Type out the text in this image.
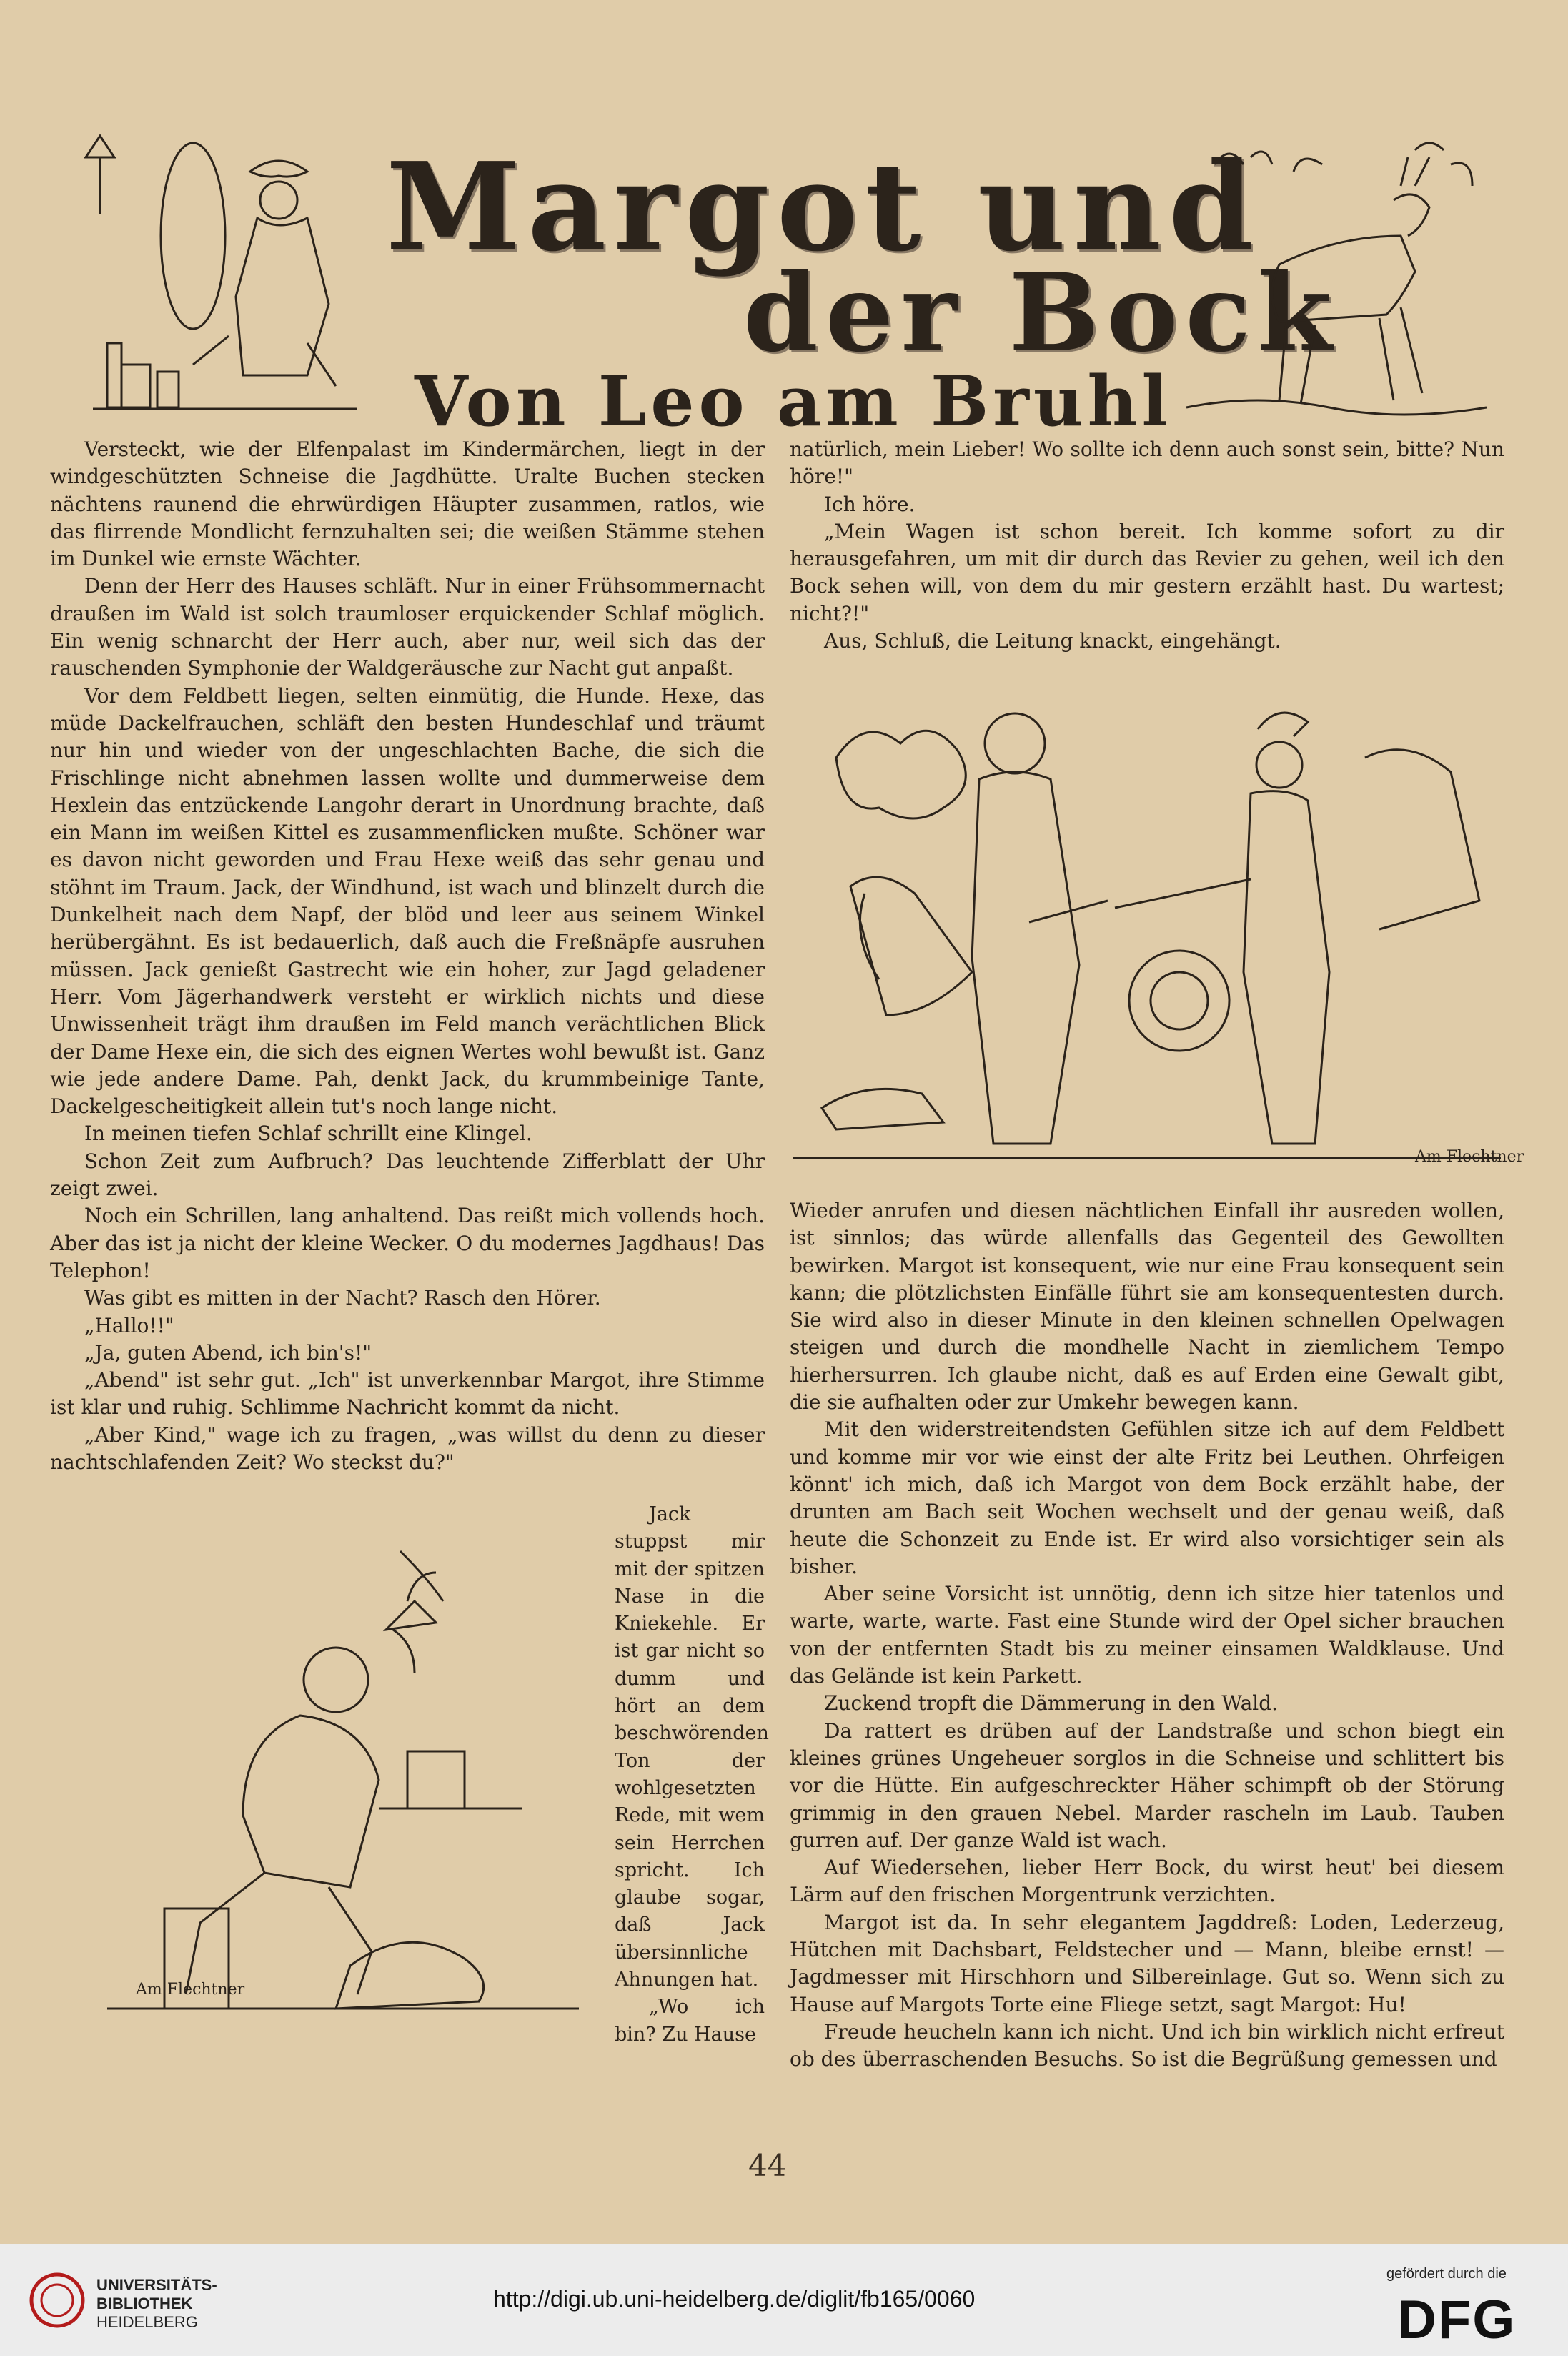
Margot und
der Bock
Von Leo am Bruhl

Versteckt, wie der Elfenpalast im Kindermärchen, liegt in der windgeschützten Schneise die Jagdhütte. Uralte Buchen stecken nächtens raunend die ehrwürdigen Häupter zusammen, ratlos, wie das flirrende Mondlicht fernzuhalten sei; die weißen Stämme stehen im Dunkel wie ernste Wächter.

Denn der Herr des Hauses schläft. Nur in einer Frühsommernacht draußen im Wald ist solch traumloser erquickender Schlaf möglich. Ein wenig schnarcht der Herr auch, aber nur, weil sich das der rauschenden Symphonie der Waldgeräusche zur Nacht gut anpaßt.

Vor dem Feldbett liegen, selten einmütig, die Hunde. Hexe, das müde Dackelfrauchen, schläft den besten Hundeschlaf und träumt nur hin und wieder von der ungeschlachten Bache, die sich die Frischlinge nicht abnehmen lassen wollte und dummerweise dem Hexlein das entzückende Langohr derart in Unordnung brachte, daß ein Mann im weißen Kittel es zusammenflicken mußte. Schöner war es davon nicht geworden und Frau Hexe weiß das sehr genau und stöhnt im Traum. Jack, der Windhund, ist wach und blinzelt durch die Dunkelheit nach dem Napf, der blöd und leer aus seinem Winkel herübergähnt. Es ist bedauerlich, daß auch die Freßnäpfe ausruhen müssen. Jack genießt Gastrecht wie ein hoher, zur Jagd geladener Herr. Vom Jägerhandwerk versteht er wirklich nichts und diese Unwissenheit trägt ihm draußen im Feld manch verächtlichen Blick der Dame Hexe ein, die sich des eignen Wertes wohl bewußt ist. Ganz wie jede andere Dame. Pah, denkt Jack, du krummbeinige Tante, Dackelgescheitigkeit allein tut's noch lange nicht.

In meinen tiefen Schlaf schrillt eine Klingel.

Schon Zeit zum Aufbruch? Das leuchtende Zifferblatt der Uhr zeigt zwei.

Noch ein Schrillen, lang anhaltend. Das reißt mich vollends hoch. Aber das ist ja nicht der kleine Wecker. O du modernes Jagdhaus! Das Telephon!

Was gibt es mitten in der Nacht? Rasch den Hörer.

„Hallo!!"

„Ja, guten Abend, ich bin's!"

„Abend" ist sehr gut. „Ich" ist unverkennbar Margot, ihre Stimme ist klar und ruhig. Schlimme Nachricht kommt da nicht.

„Aber Kind," wage ich zu fragen, „was willst du denn zu dieser nachtschlafenden Zeit? Wo steckst du?"

Am Flechtner

Jack stuppst mir mit der spitzen Nase in die Kniekehle. Er ist gar nicht so dumm und hört an dem beschwörenden Ton der wohlgesetzten Rede, mit wem sein Herrchen spricht. Ich glaube sogar, daß Jack übersinnliche Ahnungen hat.

„Wo ich bin? Zu Hause

natürlich, mein Lieber! Wo sollte ich denn auch sonst sein, bitte? Nun höre!"

Ich höre.

„Mein Wagen ist schon bereit. Ich komme sofort zu dir herausgefahren, um mit dir durch das Revier zu gehen, weil ich den Bock sehen will, von dem du mir gestern erzählt hast. Du wartest; nicht?!"

Aus, Schluß, die Leitung knackt, eingehängt.

Am Flechtner

Wieder anrufen und diesen nächtlichen Einfall ihr ausreden wollen, ist sinnlos; das würde allenfalls das Gegenteil des Gewollten bewirken. Margot ist konsequent, wie nur eine Frau konsequent sein kann; die plötzlichsten Einfälle führt sie am konsequentesten durch. Sie wird also in dieser Minute in den kleinen schnellen Opelwagen steigen und durch die mondhelle Nacht in ziemlichem Tempo hierhersurren. Ich glaube nicht, daß es auf Erden eine Gewalt gibt, die sie aufhalten oder zur Umkehr bewegen kann.

Mit den widerstreitendsten Gefühlen sitze ich auf dem Feldbett und komme mir vor wie einst der alte Fritz bei Leuthen. Ohrfeigen könnt' ich mich, daß ich Margot von dem Bock erzählt habe, der drunten am Bach seit Wochen wechselt und der genau weiß, daß heute die Schonzeit zu Ende ist. Er wird also vorsichtiger sein als bisher.

Aber seine Vorsicht ist unnötig, denn ich sitze hier tatenlos und warte, warte, warte. Fast eine Stunde wird der Opel sicher brauchen von der entfernten Stadt bis zu meiner einsamen Waldklause. Und das Gelände ist kein Parkett.

Zuckend tropft die Dämmerung in den Wald.

Da rattert es drüben auf der Landstraße und schon biegt ein kleines grünes Ungeheuer sorglos in die Schneise und schlittert bis vor die Hütte. Ein aufgeschreckter Häher schimpft ob der Störung grimmig in den grauen Nebel. Marder rascheln im Laub. Tauben gurren auf. Der ganze Wald ist wach.

Auf Wiedersehen, lieber Herr Bock, du wirst heut' bei diesem Lärm auf den frischen Morgentrunk verzichten.

Margot ist da. In sehr elegantem Jagddreß: Loden, Lederzeug, Hütchen mit Dachsbart, Feldstecher und — Mann, bleibe ernst! — Jagdmesser mit Hirschhorn und Silbereinlage. Gut so. Wenn sich zu Hause auf Margots Torte eine Fliege setzt, sagt Margot: Hu!

Freude heucheln kann ich nicht. Und ich bin wirklich nicht erfreut ob des überraschenden Besuchs. So ist die Begrüßung gemessen und

44
UNIVERSITÄTS-
BIBLIOTHEK
HEIDELBERG
http://digi.ub.uni-heidelberg.de/diglit/fb165/0060
gefördert durch die
DFG
